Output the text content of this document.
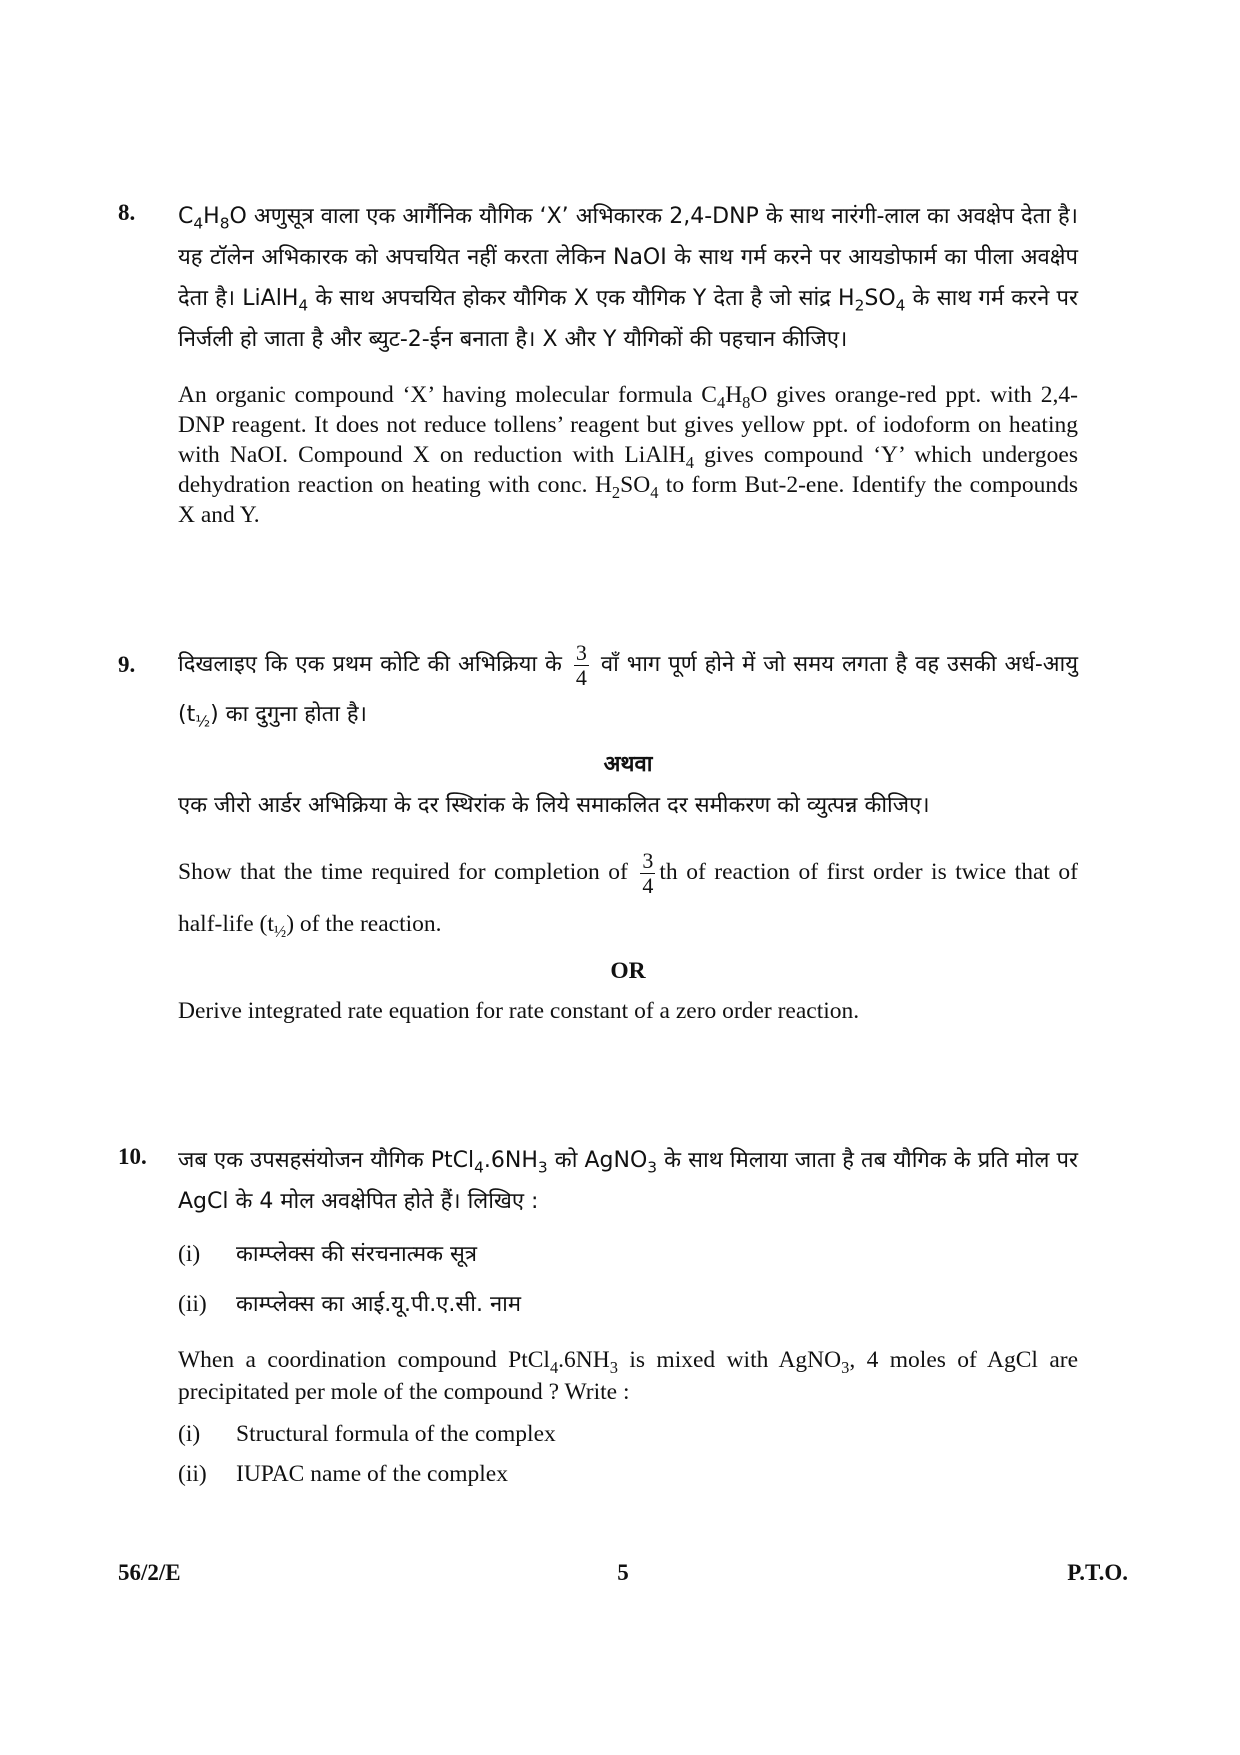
8.	$C_4H_8O$ अणुसूत्र वाला एक आर्गैनिक यौगिक ‘X’ अभिकारक 2,4-DNP के साथ नारंगी-लाल का अवक्षेप देता है। यह टॉलेन अभिकारक को अपचयित नहीं करता लेकिन NaOI के साथ गर्म करने पर आयडोफार्म का पीला अवक्षेप देता है। LiAlH$_4$ के साथ अपचयित होकर यौगिक X एक यौगिक Y देता है जो सांद्र $H_2SO_4$ के साथ गर्म करने पर निर्जली हो जाता है और ब्युट-2-ईन बनाता है। X और Y यौगिकों की पहचान कीजिए।

An organic compound ‘X’ having molecular formula $C_4H_8O$ gives orange-red ppt. with 2,4-DNP reagent. It does not reduce tollens’ reagent but gives yellow ppt. of iodoform on heating with NaOI. Compound X on reduction with LiAlH$_4$ gives compound ‘Y’ which undergoes dehydration reaction on heating with conc. $H_2SO_4$ to form But-2-ene. Identify the compounds X and Y.

9.	दिखलाइए कि एक प्रथम कोटि की अभिक्रिया के $\frac{3}{4}$ वाँ भाग पूर्ण होने में जो समय लगता है वह उसकी अर्ध-आयु $(t_{\frac{1}{2}})$ का दुगुना होता है।

अथवा

एक जीरो आर्डर अभिक्रिया के दर स्थिरांक के लिये समाकलित दर समीकरण को व्युत्पन्न कीजिए।

Show that the time required for completion of $\frac{3}{4}$ th of reaction of first order is twice that of half-life $(t_{\frac{1}{2}})$ of the reaction.

OR

Derive integrated rate equation for rate constant of a zero order reaction.

10.	जब एक उपसहसंयोजन यौगिक $PtCl_4.6NH_3$ को AgNO$_3$ के साथ मिलाया जाता है तब यौगिक के प्रति मोल पर AgCl के 4 मोल अवक्षेपित होते हैं। लिखिए :

(i)	काम्प्लेक्स की संरचनात्मक सूत्र
(ii)	काम्प्लेक्स का आई.यू.पी.ए.सी. नाम

When a coordination compound $PtCl_4.6NH_3$ is mixed with AgNO$_3$, 4 moles of AgCl are precipitated per mole of the compound ? Write :

(i)	Structural formula of the complex
(ii)	IUPAC name of the complex
56/2/E	5	P.T.O.
